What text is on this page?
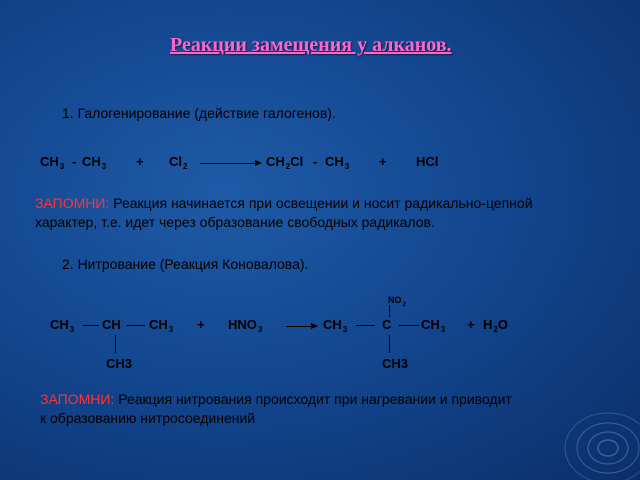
Реакции замещения у алканов.
1. Галогенирование (действие галогенов).
$CH_3 - CH_3 + Cl_2$	$CH_2Cl - CH_3$ + HCl
ЗАПОМНИ: Реакция начинается при освещении и носит радикально-цепной
характер, т.е. идет через образование свободных радикалов.
2. Нитрование (Реакция Коновалова).
$NO_2$
$CH_3$ CH $CH_3 + HNO_3$	$CH_3$	C $CH_3 + H_2O$
CH3	CH3
ЗАПОМНИ: Реакция нитрования происходит при нагревании и приводит
к образованию нитросоединений
